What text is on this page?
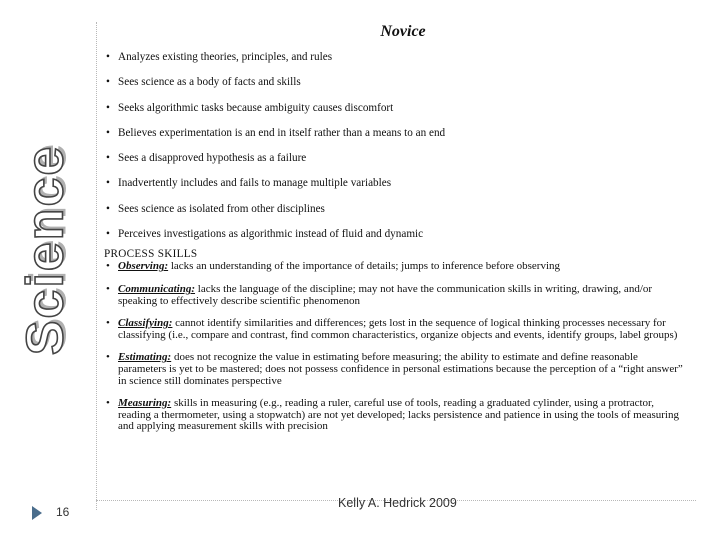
Science
Novice
• Analyzes existing theories, principles, and rules
• Sees science as a body of facts and skills
• Seeks algorithmic tasks because ambiguity causes discomfort
• Believes experimentation is an end in itself rather than a means to an end
• Sees a disapproved hypothesis as a failure
• Inadvertently includes and fails to manage multiple variables
• Sees science as isolated from other disciplines
• Perceives investigations as algorithmic instead of fluid and dynamic
PROCESS SKILLS
• Observing: lacks an understanding of the importance of details; jumps to inference before observing
• Communicating: lacks the language of the discipline; may not have the communication skills in writing, drawing, and/or speaking to effectively describe scientific phenomenon
• Classifying: cannot identify similarities and differences; gets lost in the sequence of logical thinking processes necessary for classifying (i.e., compare and contrast, find common characteristics, organize objects and events, identify groups, label groups)
• Estimating: does not recognize the value in estimating before measuring; the ability to estimate and define reasonable parameters is yet to be mastered; does not possess confidence in personal estimations because the perception of a “right answer” in science still dominates perspective
• Measuring: skills in measuring (e.g., reading a ruler, careful use of tools, reading a graduated cylinder, using a protractor, reading a thermometer, using a stopwatch) are not yet developed; lacks persistence and patience in using the tools of measuring and applying measurement skills with precision
16
Kelly A. Hedrick 2009
